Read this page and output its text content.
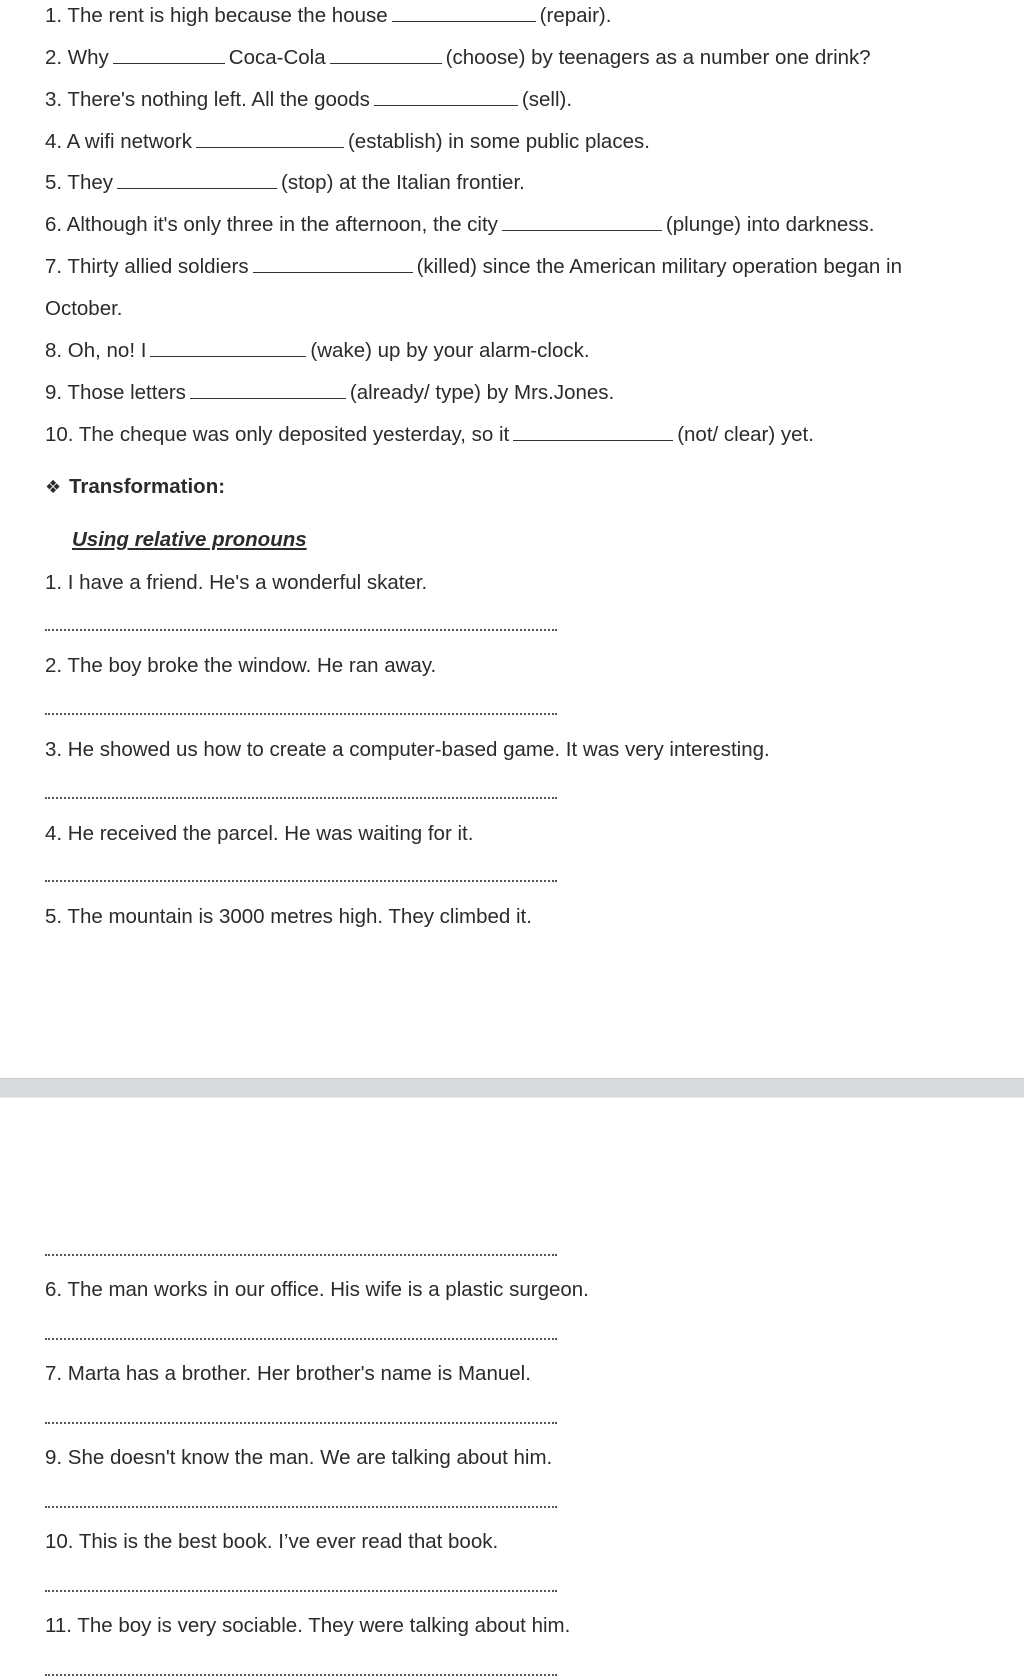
1. The rent is high because the house	(repair).
2. Why	Coca-Cola	(choose) by teenagers as a number one drink?
3. There's nothing left. All the goods	(sell).
4. A wifi network	(establish) in some public places.
5. They	(stop) at the Italian frontier.
6. Although it's only three in the afternoon, the city	(plunge) into darkness.
7. Thirty allied soldiers	(killed) since the American military operation began in
October.
8. Oh, no! I	(wake) up by your alarm-clock.
9. Those letters	(already/ type) by Mrs.Jones.
10. The cheque was only deposited yesterday, so it	(not/ clear) yet.
❖ Transformation:
Using relative pronouns
1. I have a friend. He's a wonderful skater.
2. The boy broke the window. He ran away.
3. He showed us how to create a computer-based game. It was very interesting.
4. He received the parcel. He was waiting for it.
5. The mountain is 3000 metres high. They climbed it.
6. The man works in our office. His wife is a plastic surgeon.
7. Marta has a brother. Her brother's name is Manuel.
9. She doesn't know the man. We are talking about him.
10. This is the best book. I’ve ever read that book.
11. The boy is very sociable. They were talking about him.
